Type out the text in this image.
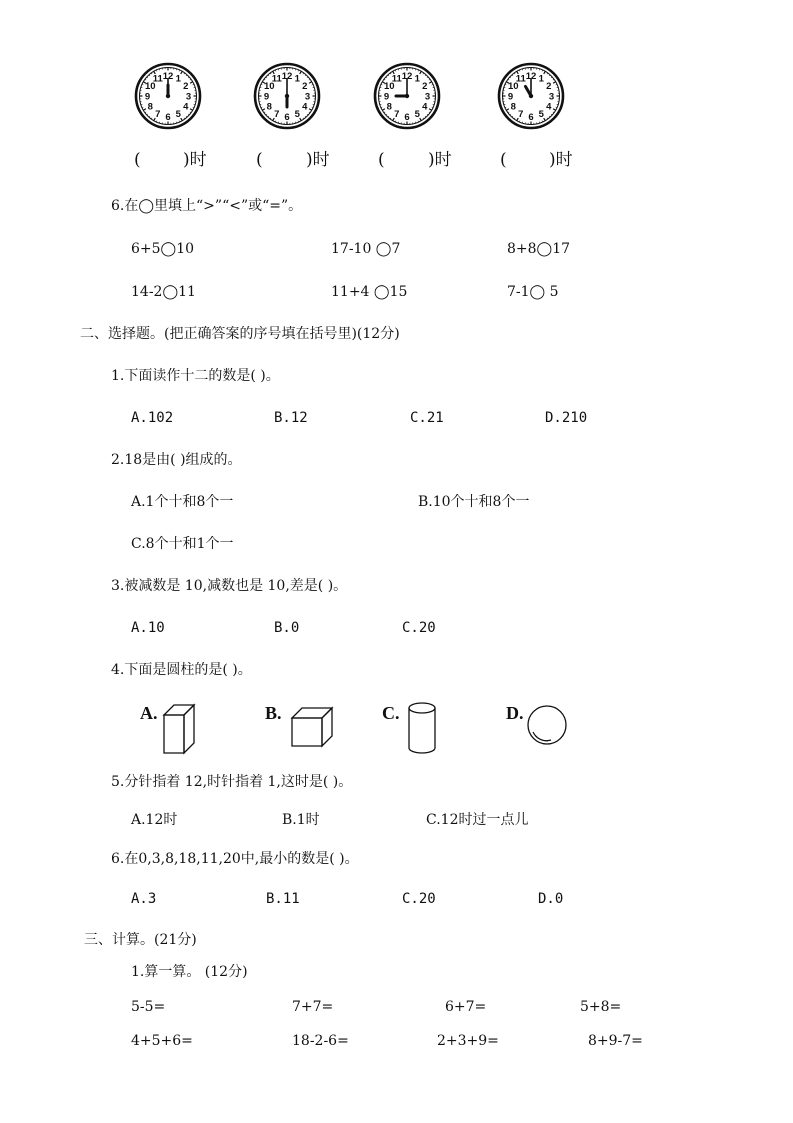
12 1
2
3
4
5
6
7
8
9
10
11	12 1
2
3
4
5
6
7
8
9
10
11	12 1
2
3
4
5
6
7
8
9
10
11	12 1
2
3
4
5
6
7
8
9
10
11
( )时	(	)时	(	)时	( )时
6.在◯里填上“>”“<”或“=”。
6+5◯10	17-10 ◯7	8+8◯17
14-2◯11	11+4 ◯15	7-1◯ 5
二、选择题。(把正确答案的序号填在括号里)(12分)
1.下面读作十二的数是( )。
A.102	B.12	C.21	D.210
2.18是由( )组成的。
A.1个十和8个一	B.10个十和8个一
C.8个十和1个一
3.被减数是 10,减数也是 10,差是( )。
A.10	B.0	C.20
4.下面是圆柱的是( )。
A.	B.	C.	D.
5.分针指着 12,时针指着 1,这时是( )。
A.12时	B.1时	C.12时过一点儿
6.在0,3,8,18,11,20中,最小的数是( )。
A.3	B.11	C.20	D.0
三、计算。(21分)
1.算一算。 (12分)
5-5=	7+7=	6+7=	5+8=
4+5+6=	18-2-6=	2+3+9=	8+9-7=
